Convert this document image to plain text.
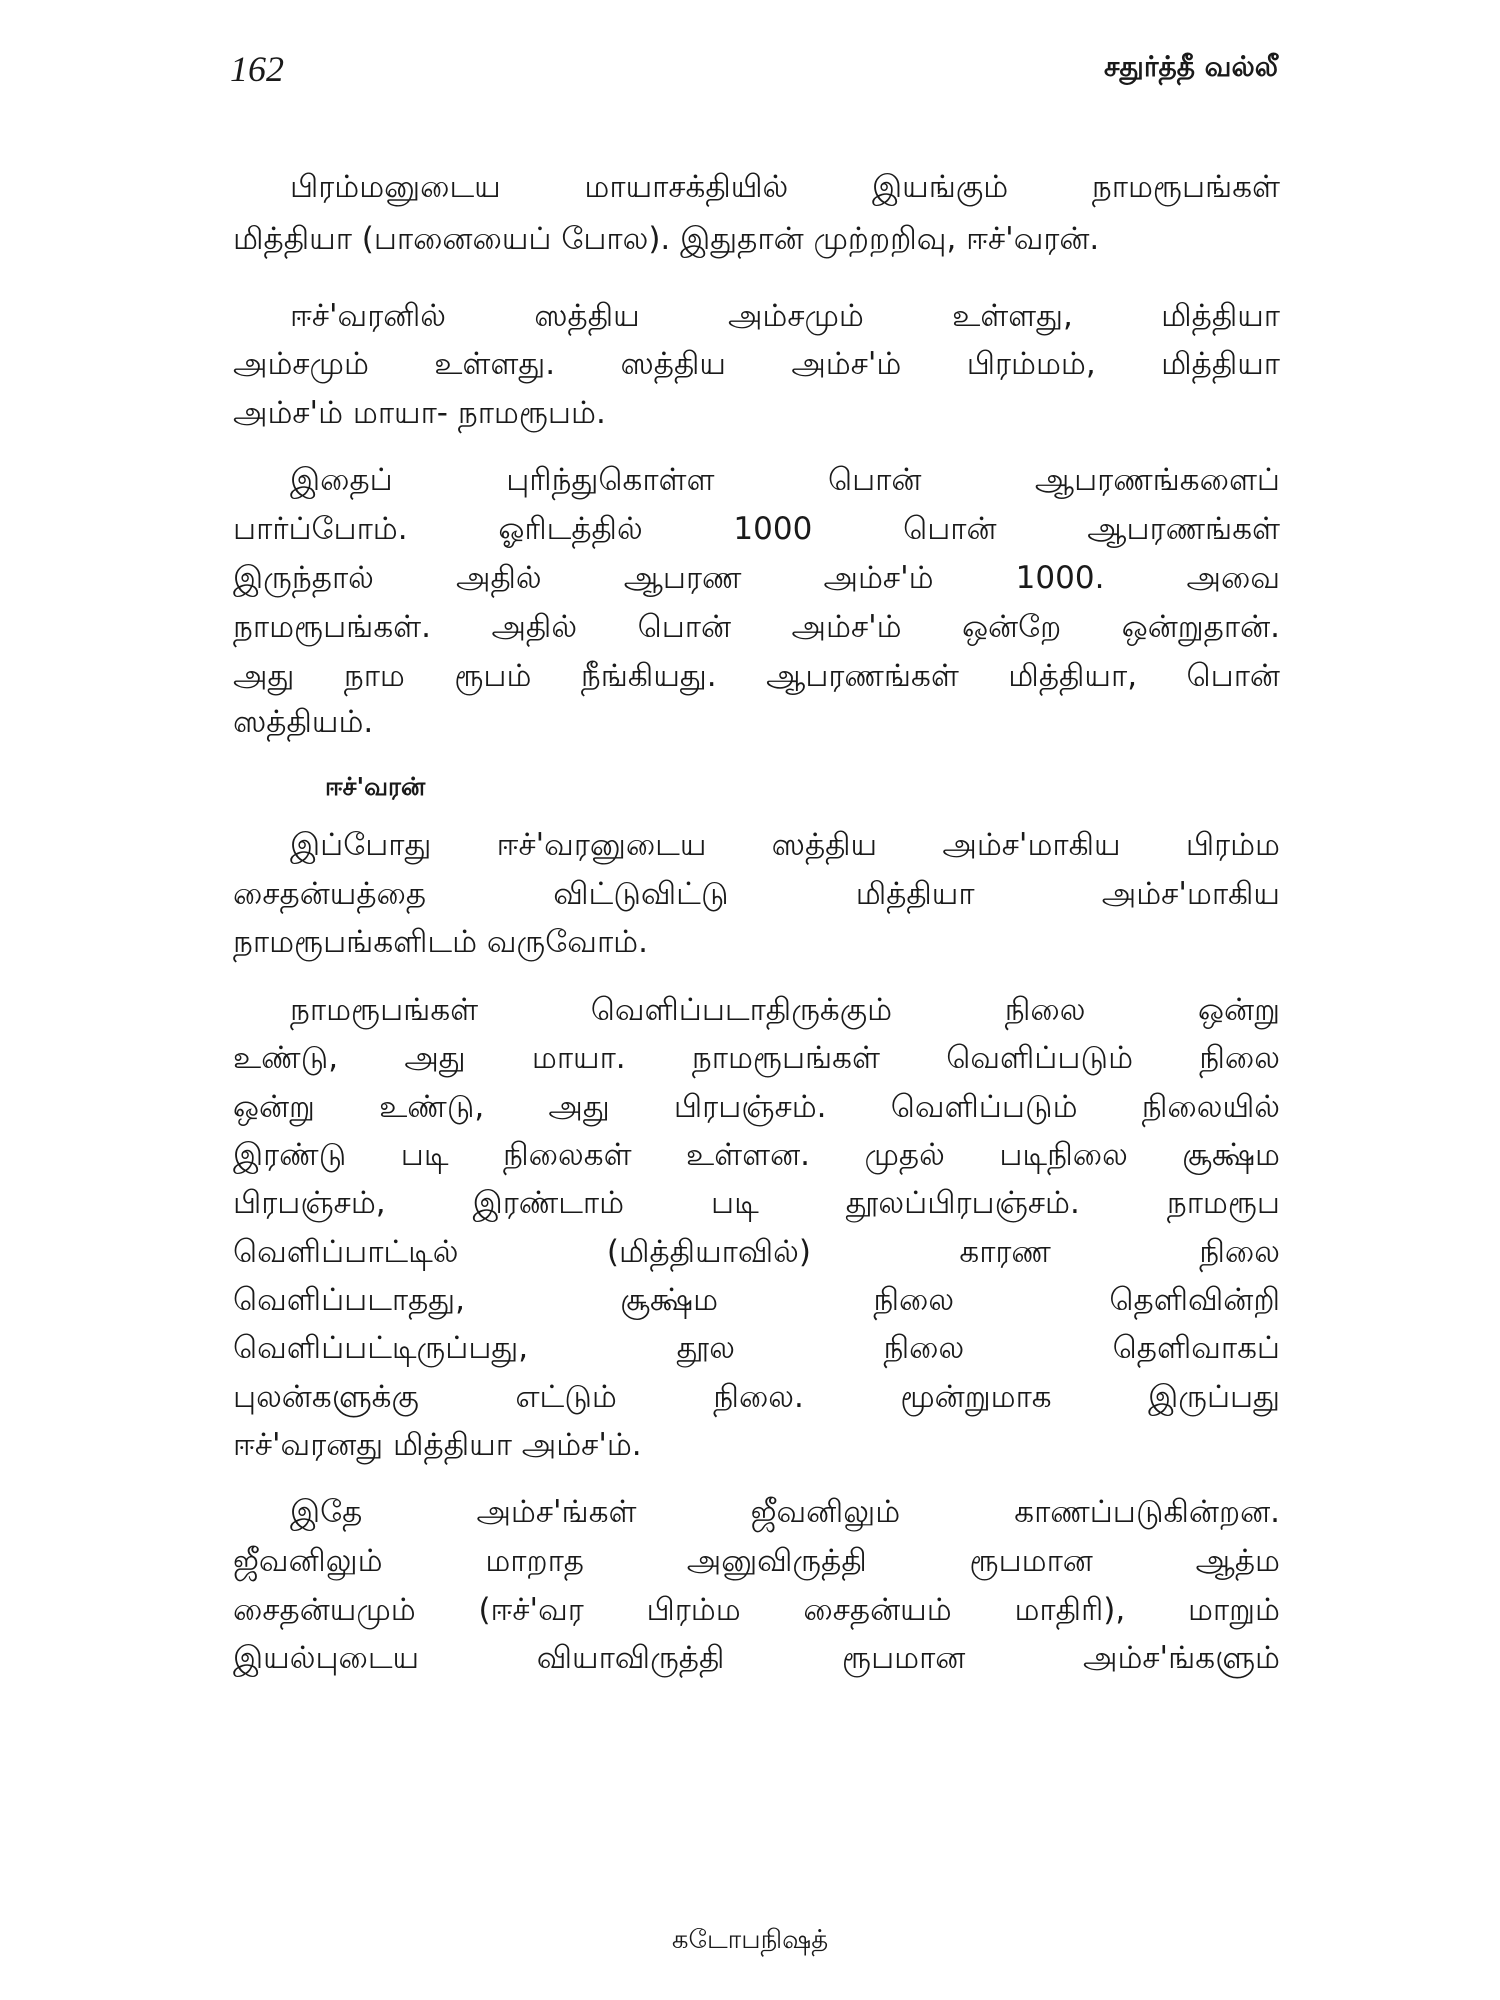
162	சதுர்த்தீ வல்லீ
ஈச்'வரன்
பிரம்மனுடைய மாயாசக்தியில் இயங்கும் நாமரூபங்கள்
மித்தியா (பானையைப் போல). இதுதான் முற்றறிவு, ஈச்'வரன்.
ஈச்'வரனில் ஸத்திய அம்சமும் உள்ளது, மித்தியா
அம்சமும் உள்ளது. ஸத்திய அம்ச'ம் பிரம்மம், மித்தியா
அம்ச'ம் மாயா- நாமரூபம்.
இதைப் புரிந்துகொள்ள பொன் ஆபரணங்களைப்
பார்ப்போம். ஓரிடத்தில் 1000 பொன் ஆபரணங்கள்
இருந்தால் அதில் ஆபரண அம்ச'ம் 1000. அவை
நாமரூபங்கள். அதில் பொன் அம்ச'ம் ஒன்றே ஒன்றுதான்.
அது நாம ரூபம் நீங்கியது. ஆபரணங்கள் மித்தியா, பொன்
ஸத்தியம்.
இப்போது ஈச்'வரனுடைய ஸத்திய அம்ச'மாகிய பிரம்ம
சைதன்யத்தை விட்டுவிட்டு மித்தியா அம்ச'மாகிய
நாமரூபங்களிடம் வருவோம்.
நாமரூபங்கள் வெளிப்படாதிருக்கும் நிலை ஒன்று
உண்டு, அது மாயா. நாமரூபங்கள் வெளிப்படும் நிலை
ஒன்று உண்டு, அது பிரபஞ்சம். வெளிப்படும் நிலையில்
இரண்டு படி நிலைகள் உள்ளன. முதல் படிநிலை சூக்ஷ்ம
பிரபஞ்சம், இரண்டாம் படி தூலப்பிரபஞ்சம். நாமரூப
வெளிப்பாட்டில் (மித்தியாவில்) காரண நிலை
வெளிப்படாதது, சூக்ஷ்ம நிலை தெளிவின்றி
வெளிப்பட்டிருப்பது, தூல நிலை தெளிவாகப்
புலன்களுக்கு எட்டும் நிலை. மூன்றுமாக இருப்பது
ஈச்'வரனது மித்தியா அம்ச'ம்.
இதே அம்ச'ங்கள் ஜீவனிலும் காணப்படுகின்றன.
ஜீவனிலும் மாறாத அனுவிருத்தி ரூபமான ஆத்ம
சைதன்யமும் (ஈச்'வர பிரம்ம சைதன்யம் மாதிரி), மாறும்
இயல்புடைய வியாவிருத்தி ரூபமான அம்ச'ங்களும்
கடோபநிஷத்
